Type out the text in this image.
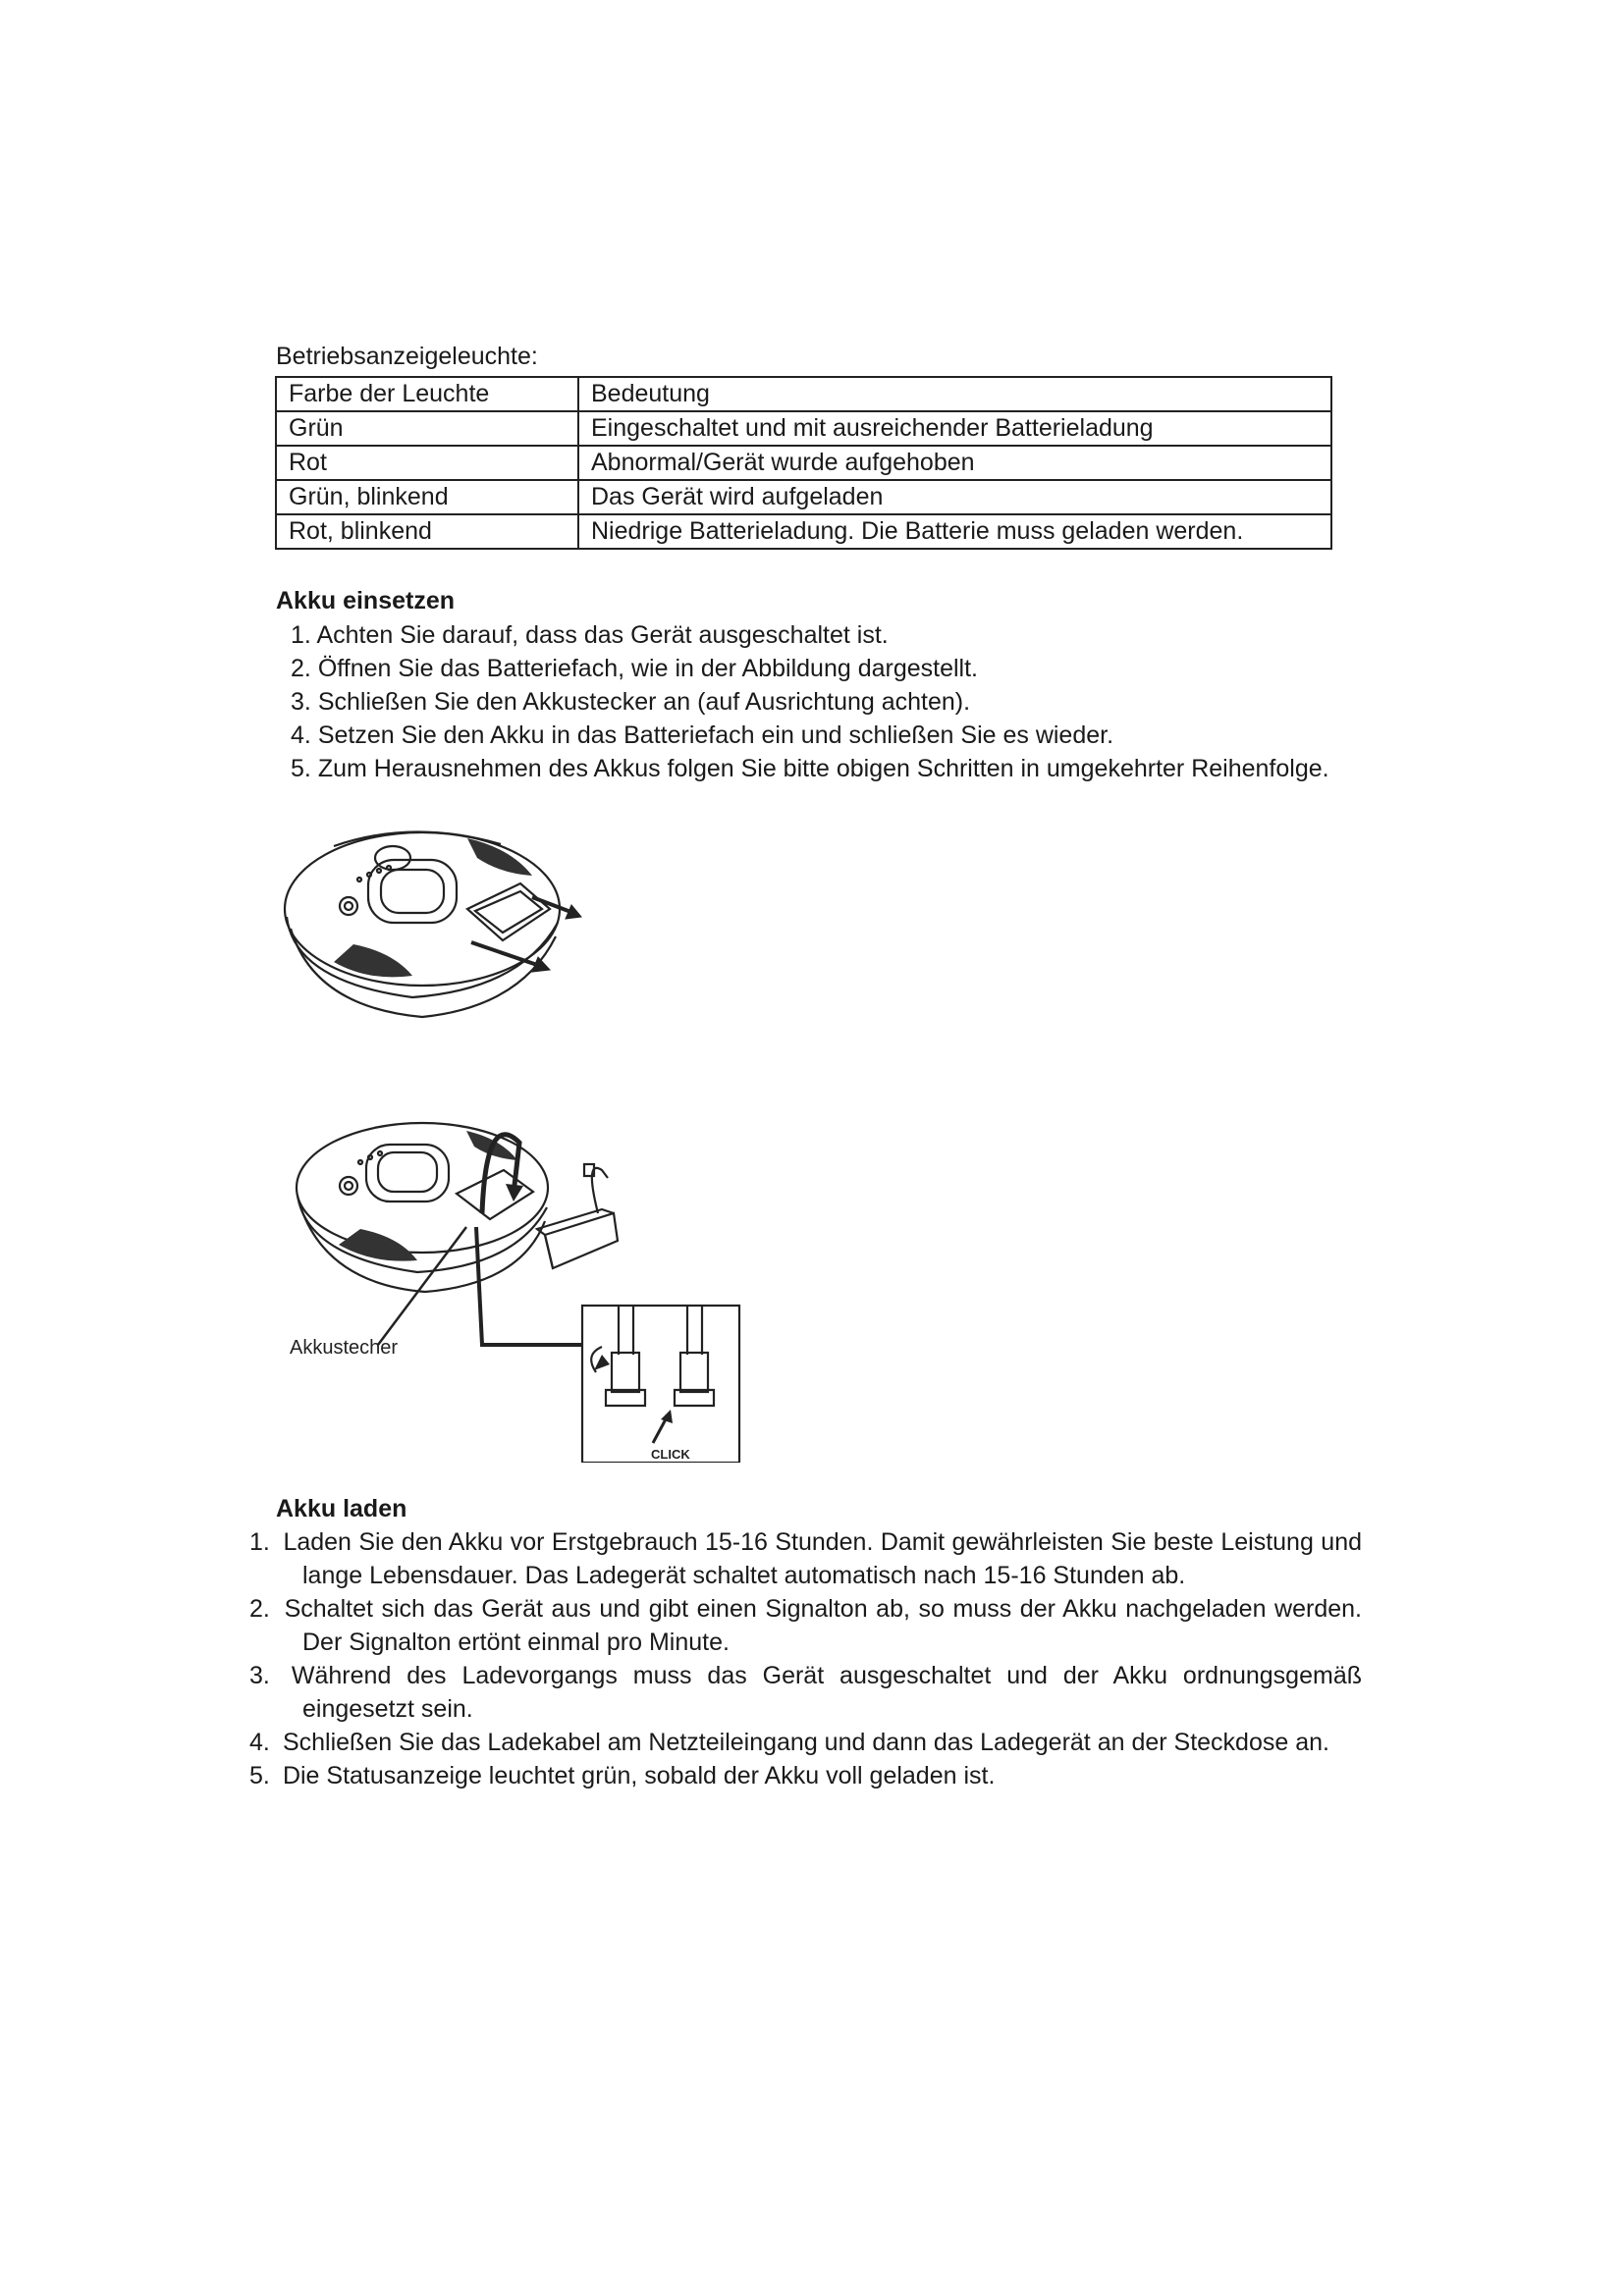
Betriebsanzeigeleuchte:
Farbe der Leuchte	Bedeutung
Grün	Eingeschaltet und mit ausreichender Batterieladung
Rot	Abnormal/Gerät wurde aufgehoben
Grün, blinkend	Das Gerät wird aufgeladen
Rot, blinkend	Niedrige Batterieladung. Die Batterie muss geladen werden.
Akku einsetzen
1. Achten Sie darauf, dass das Gerät ausgeschaltet ist.
2. Öffnen Sie das Batteriefach, wie in der Abbildung dargestellt.
3. Schließen Sie den Akkustecker an (auf Ausrichtung achten).
4. Setzen Sie den Akku in das Batteriefach ein und schließen Sie es wieder.
5. Zum Herausnehmen des Akkus folgen Sie bitte obigen Schritten in umgekehrter Reihenfolge.
Akkustecher
CLICK
Akku laden
1. Laden Sie den Akku vor Erstgebrauch 15-16 Stunden. Damit gewährleisten Sie beste Leistung und lange Lebensdauer. Das Ladegerät schaltet automatisch nach 15-16 Stunden ab.
2. Schaltet sich das Gerät aus und gibt einen Signalton ab, so muss der Akku nachgeladen werden. Der Signalton ertönt einmal pro Minute.
3. Während des Ladevorgangs muss das Gerät ausgeschaltet und der Akku ordnungsgemäß eingesetzt sein.
4. Schließen Sie das Ladekabel am Netzteileingang und dann das Ladegerät an der Steckdose an.
5. Die Statusanzeige leuchtet grün, sobald der Akku voll geladen ist.
